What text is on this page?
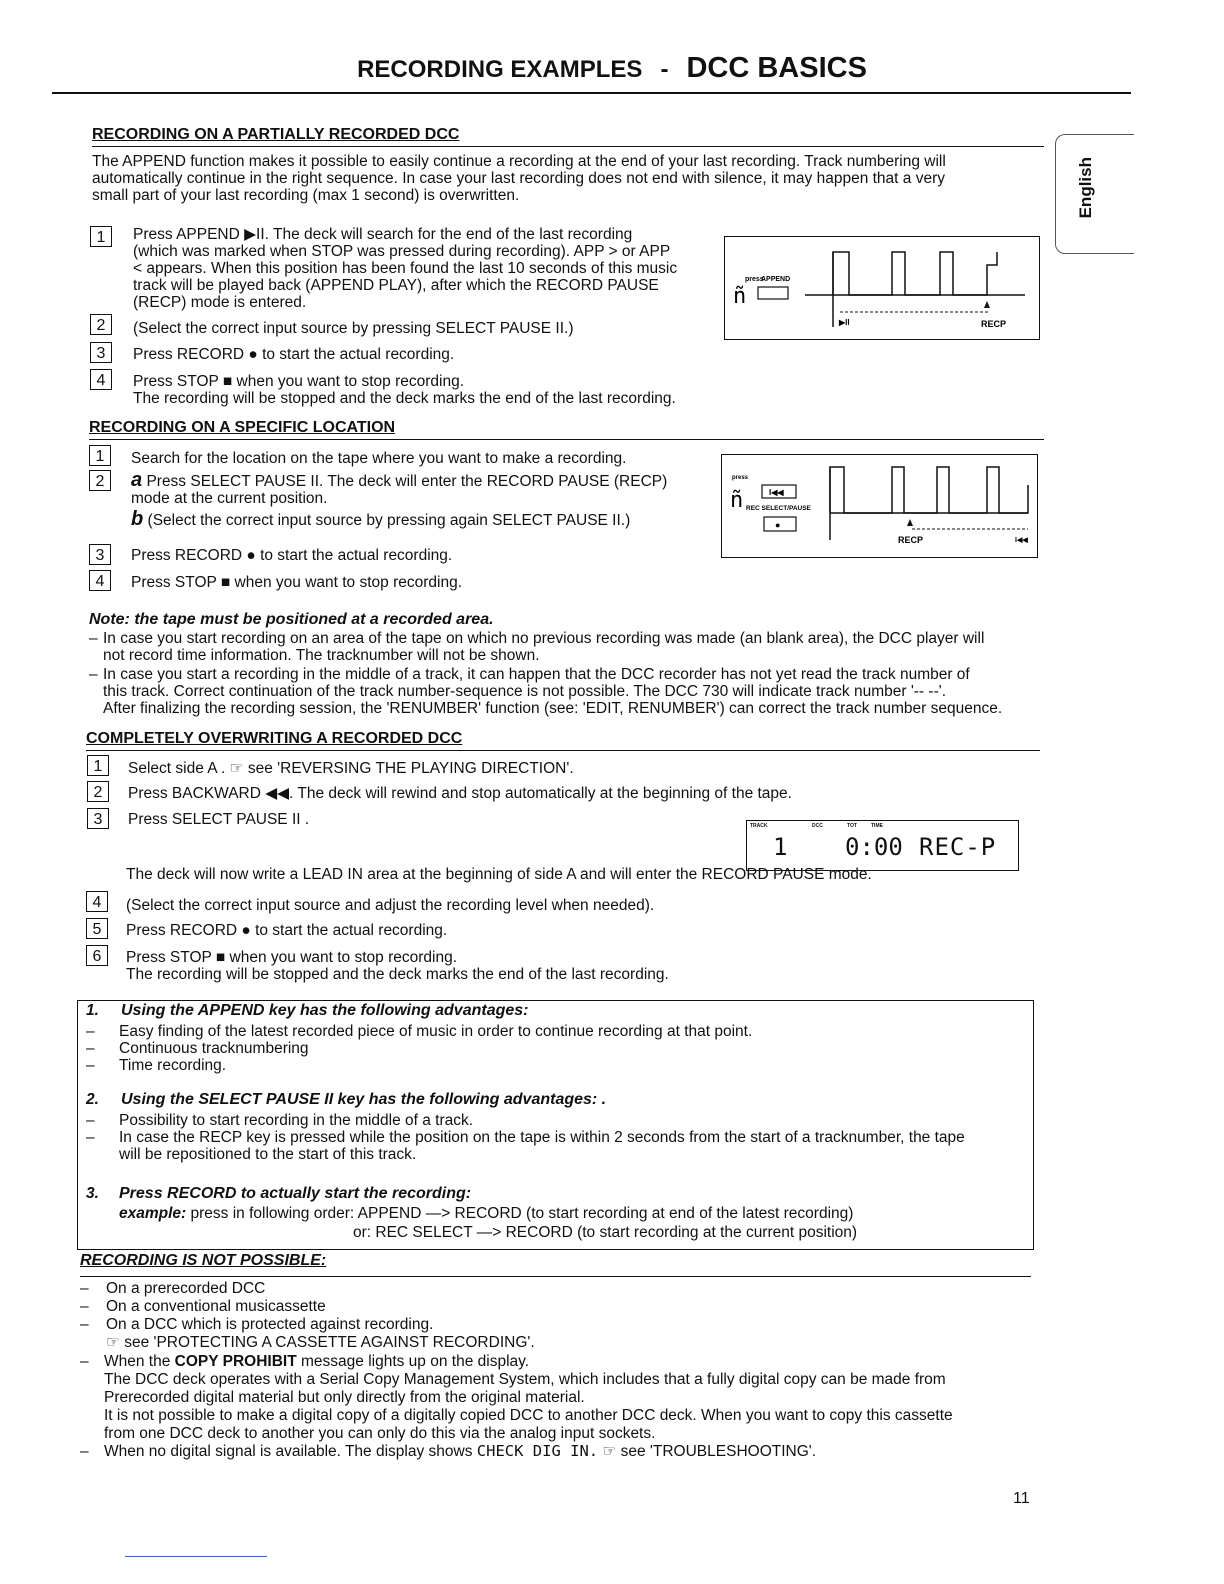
RECORDING EXAMPLES - DCC BASICS
English
RECORDING ON A PARTIALLY RECORDED DCC
The APPEND function makes it possible to easily continue a recording at the end of your last recording. Track numbering will
automatically continue in the right sequence. In case your last recording does not end with silence, it may happen that a very
small part of your last recording (max 1 second) is overwritten.
1	Press APPEND ▶II. The deck will search for the end of the last recording
(which was marked when STOP was pressed during recording). APP > or APP
< appears. When this position has been found the last 10 seconds of this music
track will be played back (APPEND PLAY), after which the RECORD PAUSE
(RECP) mode is entered.
2	(Select the correct input source by pressing SELECT PAUSE II.)
3	Press RECORD ● to start the actual recording.
4	Press STOP ■ when you want to stop recording.
The recording will be stopped and the deck marks the end of the last recording.
press
APPEND
ñ
▶II	RECP
RECORDING ON A SPECIFIC LOCATION
1	Search for the location on the tape where you want to make a recording.
2	a Press SELECT PAUSE II. The deck will enter the RECORD PAUSE (RECP)
mode at the current position.
b (Select the correct input source by pressing again SELECT PAUSE II.)
3	Press RECORD ● to start the actual recording.
4	Press STOP ■ when you want to stop recording.
ñ	I◀◀
press
REC SELECT/PAUSE
●
RECP	I◀◀
Note: the tape must be positioned at a recorded area.
– In case you start recording on an area of the tape on which no previous recording was made (an blank area), the DCC player will
not record time information. The tracknumber will not be shown.
– In case you start a recording in the middle of a track, it can happen that the DCC recorder has not yet read the track number of
this track. Correct continuation of the track number-sequence is not possible. The DCC 730 will indicate track number '-- --'.
After finalizing the recording session, the 'RENUMBER' function (see: 'EDIT, RENUMBER') can correct the track number sequence.
COMPLETELY OVERWRITING A RECORDED DCC
1	Select side A . ☞ see 'REVERSING THE PLAYING DIRECTION'.
2	Press BACKWARD ◀◀. The deck will rewind and stop automatically at the beginning of the tape.
3	Press SELECT PAUSE II .	TRACK	DCC	TOT	TIME
1 0:00 REC-P
The deck will now write a LEAD IN area at the beginning of side A and will enter the RECORD PAUSE mode.
4	(Select the correct input source and adjust the recording level when needed).
5	Press RECORD ● to start the actual recording.
6	Press STOP ■ when you want to stop recording.
The recording will be stopped and the deck marks the end of the last recording.
1. Using the APPEND key has the following advantages:
– Easy finding of the latest recorded piece of music in order to continue recording at that point.
– Continuous tracknumbering
– Time recording.
2. Using the SELECT PAUSE II key has the following advantages: .
– Possibility to start recording in the middle of a track.
– In case the RECP key is pressed while the position on the tape is within 2 seconds from the start of a tracknumber, the tape
will be repositioned to the start of this track.

3. Press RECORD to actually start the recording:
example: press in following order: APPEND —> RECORD (to start recording at end of the latest recording)
or: REC SELECT —> RECORD (to start recording at the current position)
RECORDING IS NOT POSSIBLE:
– On a prerecorded DCC
– On a conventional musicassette
– On a DCC which is protected against recording.
☞ see 'PROTECTING A CASSETTE AGAINST RECORDING'.
– When the COPY PROHIBIT message lights up on the display.
The DCC deck operates with a Serial Copy Management System, which includes that a fully digital copy can be made from
Prerecorded digital material but only directly from the original material.
It is not possible to make a digital copy of a digitally copied DCC to another DCC deck. When you want to copy this cassette
from one DCC deck to another you can only do this via the analog input sockets.
– When no digital signal is available. The display shows CHECK DIG IN. ☞ see 'TROUBLESHOOTING'.
11
